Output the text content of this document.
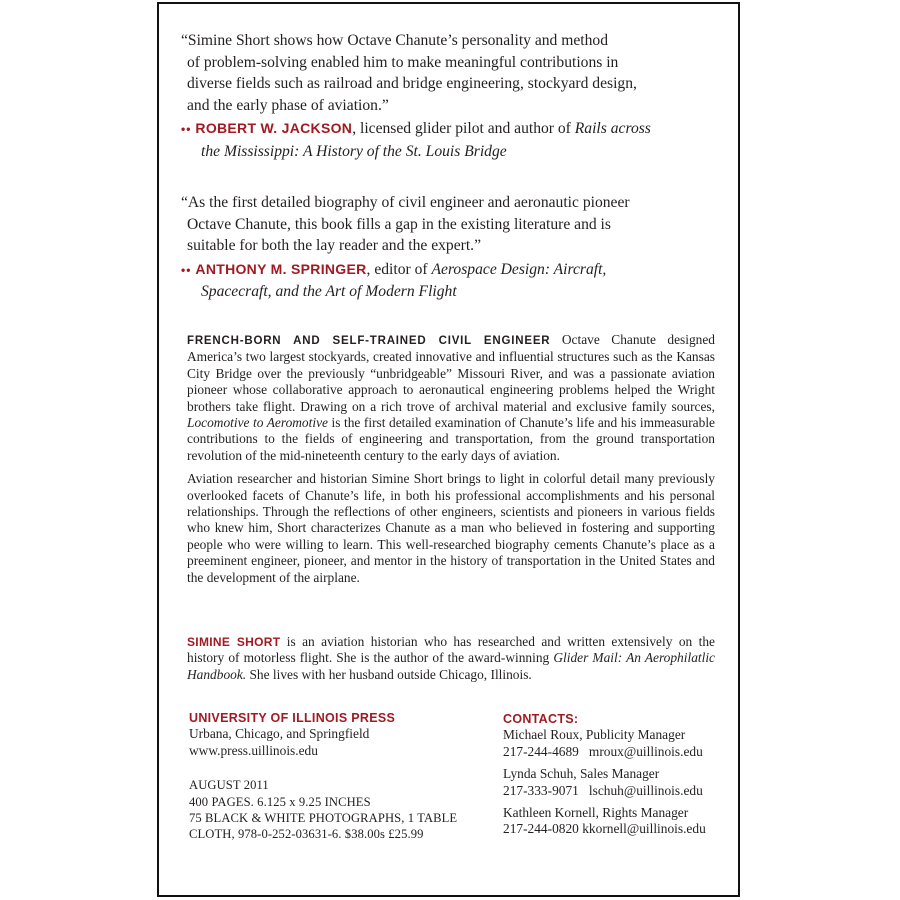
“Simine Short shows how Octave Chanute’s personality and method
of problem-solving enabled him to make meaningful contributions in
diverse fields such as railroad and bridge engineering, stockyard design,
and the early phase of aviation.”

•• ROBERT W. JACKSON, licensed glider pilot and author of Rails across
the Mississippi: A History of the St. Louis Bridge

“As the first detailed biography of civil engineer and aeronautic pioneer
Octave Chanute, this book fills a gap in the existing literature and is
suitable for both the lay reader and the expert.”

•• ANTHONY M. SPRINGER, editor of Aerospace Design: Aircraft,
Spacecraft, and the Art of Modern Flight

FRENCH-BORN AND SELF-TRAINED CIVIL ENGINEER Octave Chanute designed America’s two largest stockyards, created innovative and influential structures such as the Kansas City Bridge over the previously “unbridgeable” Missouri River, and was a passionate aviation pioneer whose collaborative approach to aeronautical engineering problems helped the Wright brothers take flight. Drawing on a rich trove of archival material and exclusive family sources, Locomotive to Aeromotive is the first detailed examination of Chanute’s life and his immeasurable contributions to the fields of engineering and transportation, from the ground transportation revolution of the mid-nineteenth century to the early days of aviation.

Aviation researcher and historian Simine Short brings to light in colorful detail many previously overlooked facets of Chanute’s life, in both his professional accomplishments and his personal relationships. Through the reflections of other engineers, scientists and pioneers in various fields who knew him, Short characterizes Chanute as a man who believed in fostering and supporting people who were willing to learn. This well-researched biography cements Chanute’s place as a preeminent engineer, pioneer, and mentor in the history of transportation in the United States and the development of the airplane.

SIMINE SHORT is an aviation historian who has researched and written extensively on the history of motorless flight. She is the author of the award-winning Glider Mail: An Aerophilatlic Handbook. She lives with her husband outside Chicago, Illinois.

UNIVERSITY OF ILLINOIS PRESS
Urbana, Chicago, and Springfield
www.press.uillinois.edu
AUGUST 2011
400 PAGES. 6.125 x 9.25 INCHES
75 BLACK & WHITE PHOTOGRAPHS, 1 TABLE
CLOTH, 978-0-252-03631-6. $38.00s £25.99
CONTACTS:
Michael Roux, Publicity Manager
217-244-4689 mroux@uillinois.edu
Lynda Schuh, Sales Manager
217-333-9071 lschuh@uillinois.edu
Kathleen Kornell, Rights Manager
217-244-0820 kkornell@uillinois.edu
